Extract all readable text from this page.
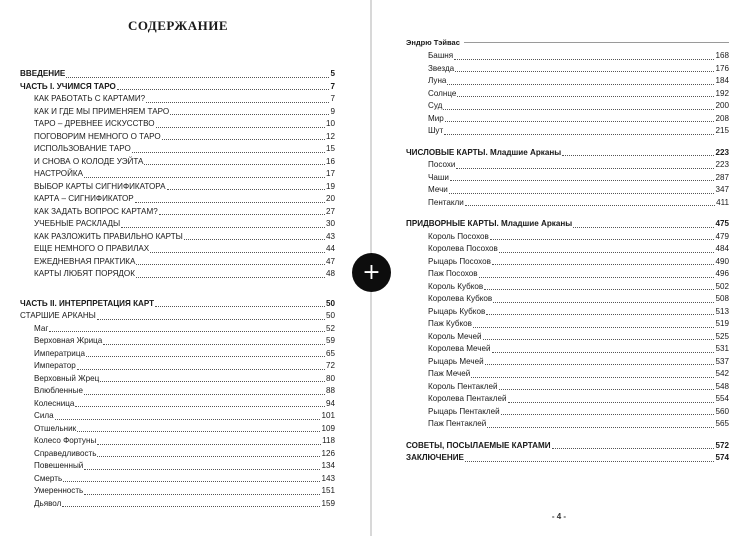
СОДЕРЖАНИЕ
ВВЕДЕНИЕ	5
ЧАСТЬ I. УЧИМСЯ ТАРО	7
КАК РАБОТАТЬ С КАРТАМИ?	7
КАК И ГДЕ МЫ ПРИМЕНЯЕМ ТАРО	9
ТАРО – ДРЕВНЕЕ ИСКУССТВО	10
ПОГОВОРИМ НЕМНОГО О ТАРО	12
ИСПОЛЬЗОВАНИЕ ТАРО	15
И СНОВА О КОЛОДЕ УЭЙТА	16
НАСТРОЙКА	17
ВЫБОР КАРТЫ СИГНИФИКАТОРА	19
КАРТА – СИГНИФИКАТОР	20
КАК ЗАДАТЬ ВОПРОС КАРТАМ?	27
УЧЕБНЫЕ РАСКЛАДЫ	30
КАК РАЗЛОЖИТЬ ПРАВИЛЬНО КАРТЫ	43
ЕЩЕ НЕМНОГО О ПРАВИЛАХ	44
ЕЖЕДНЕВНАЯ ПРАКТИКА	47
КАРТЫ ЛЮБЯТ ПОРЯДОК	48
ЧАСТЬ II. ИНТЕРПРЕТАЦИЯ КАРТ	50
СТАРШИЕ АРКАНЫ	50
Маг	52
Верховная Жрица	59
Императрица	65
Император	72
Верховный Жрец	80
Влюбленные	88
Колесница	94
Сила	101
Отшельник	109
Колесо Фортуны	118
Справедливость	126
Повешенный	134
Смерть	143
Умеренность	151
Дьявол	159
Эндрю Тэйвас
Башня	168
Звезда	176
Луна	184
Солнце	192
Суд	200
Мир	208
Шут	215
ЧИСЛОВЫЕ КАРТЫ. Младшие Арканы	223
Посохи	223
Чаши	287
Мечи	347
Пентакли	411
ПРИДВОРНЫЕ КАРТЫ. Младшие Арканы	475
Король Посохов	479
Королева Посохов	484
Рыцарь Посохов	490
Паж Посохов	496
Король Кубков	502
Королева Кубков	508
Рыцарь Кубков	513
Паж Кубков	519
Король Мечей	525
Королева Мечей	531
Рыцарь Мечей	537
Паж Мечей	542
Король Пентаклей	548
Королева Пентаклей	554
Рыцарь Пентаклей	560
Паж Пентаклей	565
СОВЕТЫ, ПОСЫЛАЕМЫЕ КАРТАМИ	572
ЗАКЛЮЧЕНИЕ	574
- 4 -
+
